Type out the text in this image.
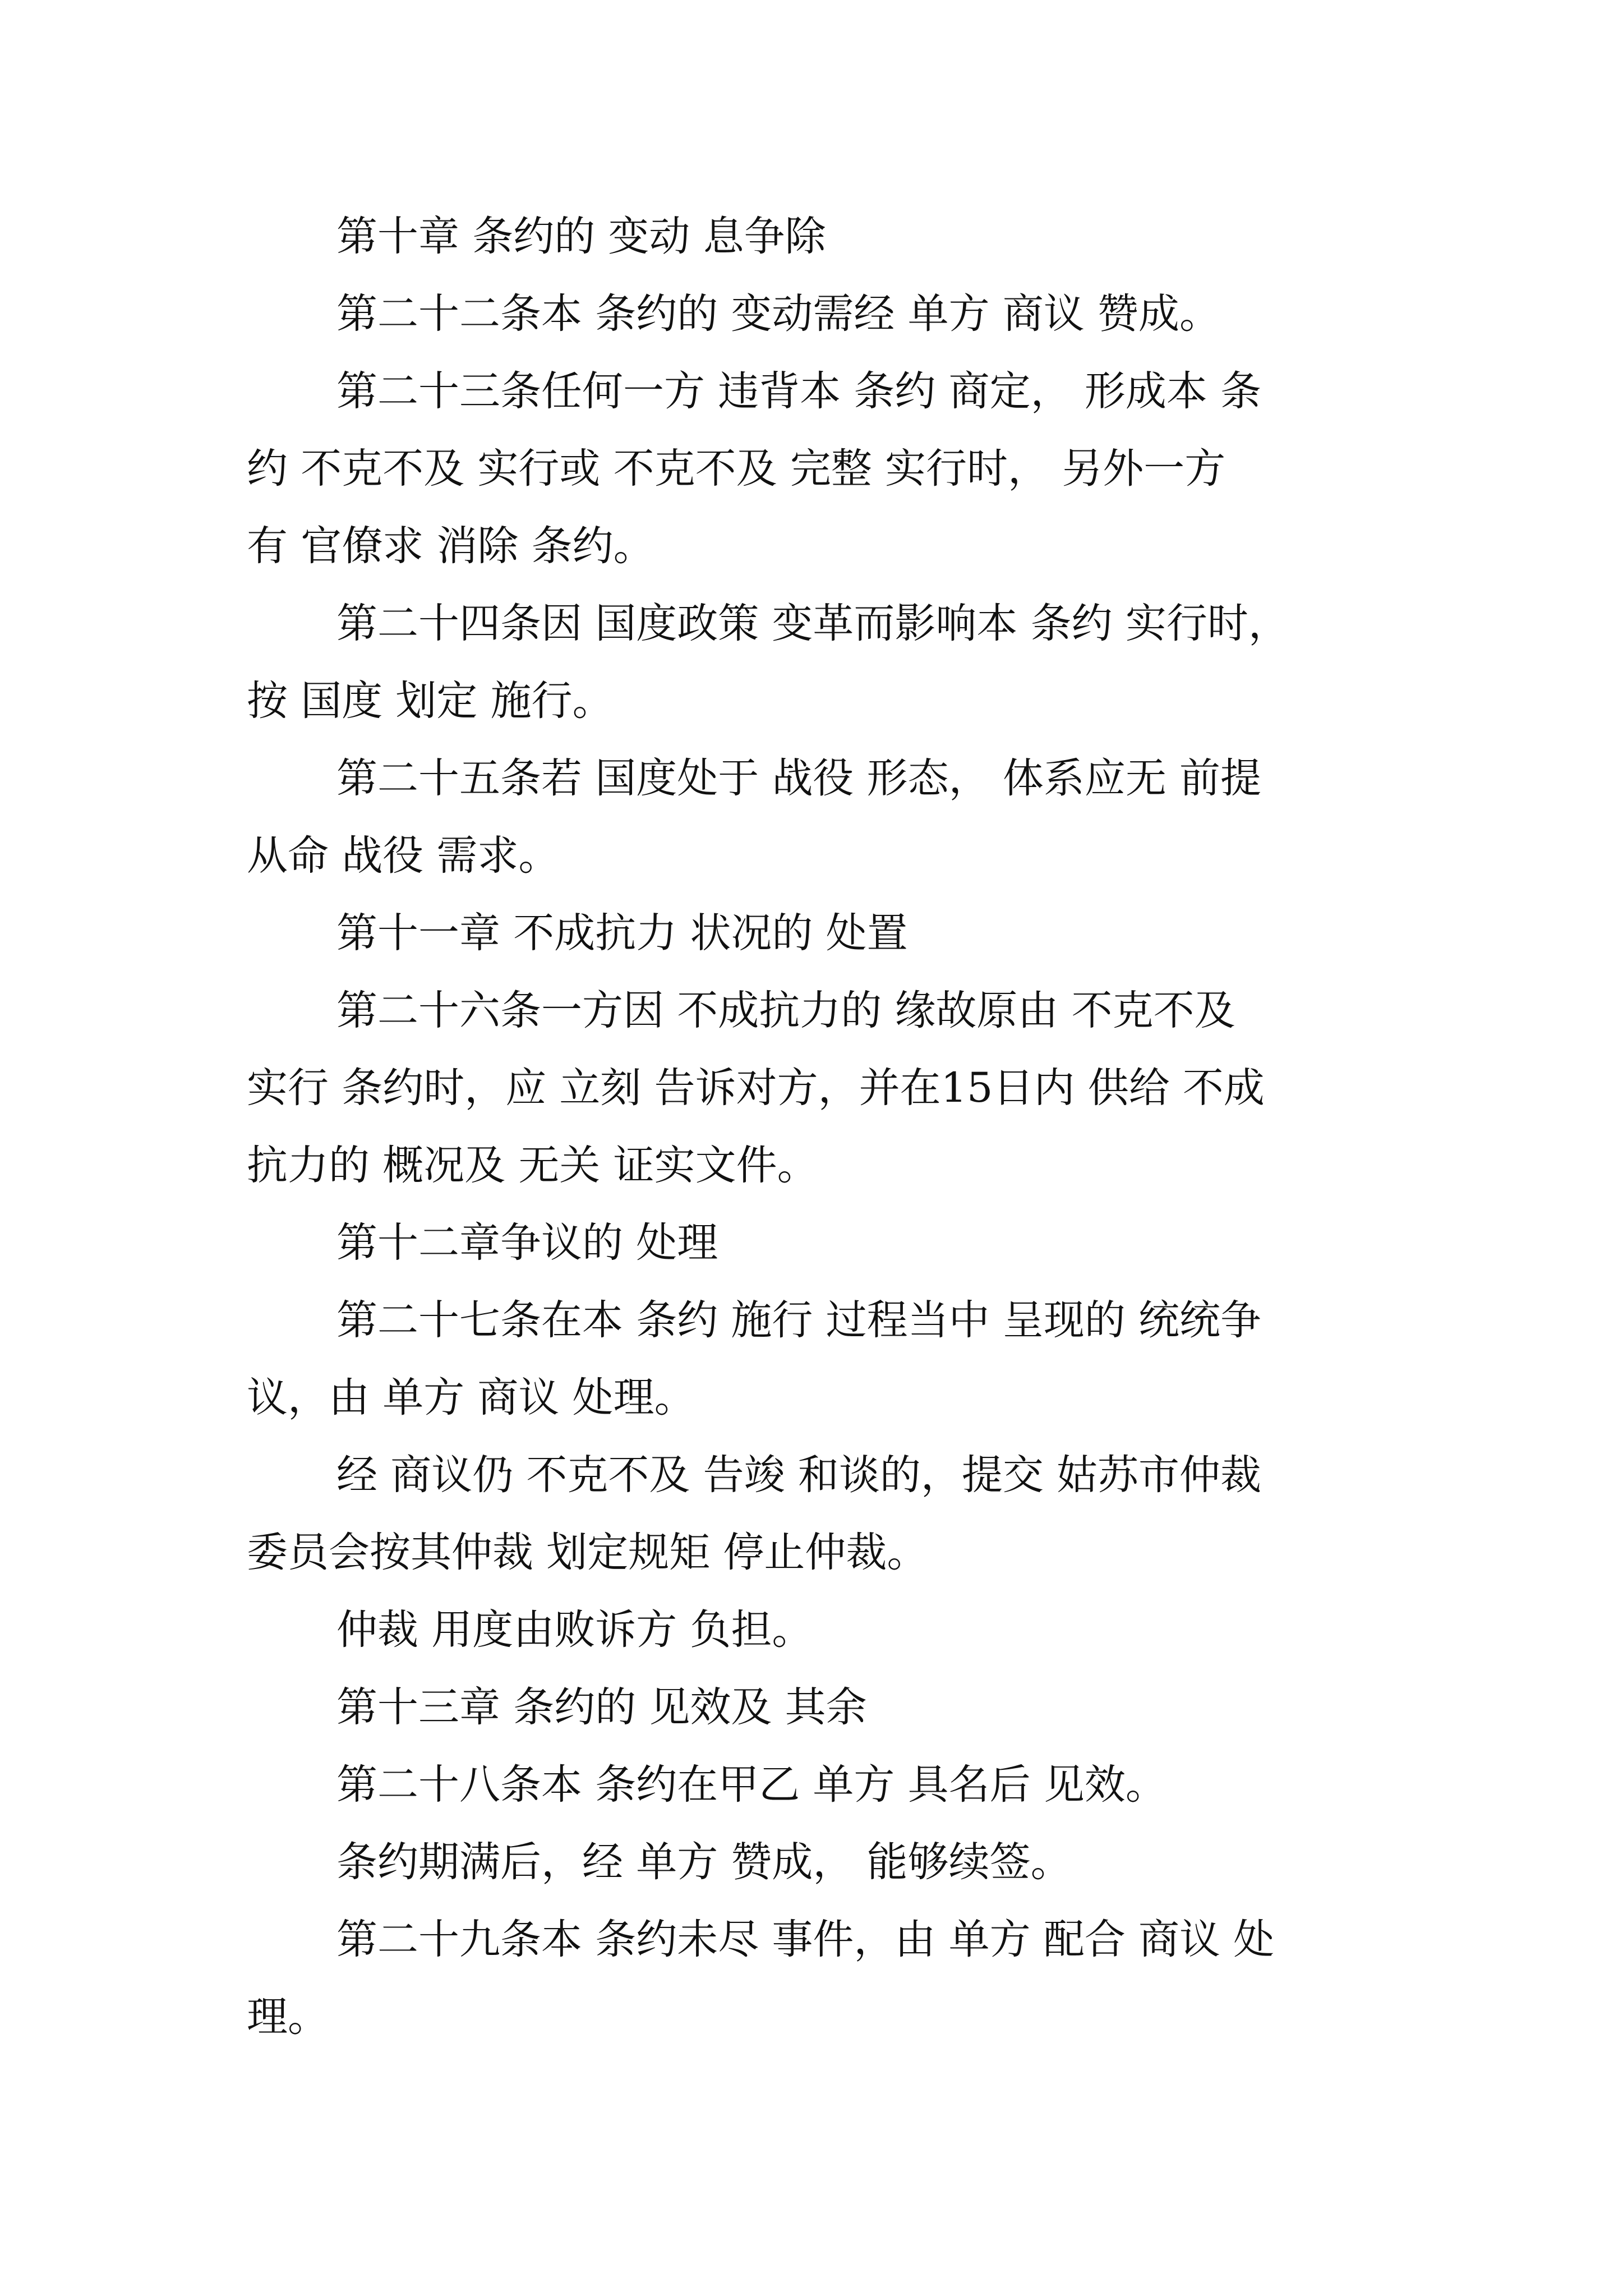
第十章 条约的 变动 息争除
第二十二条本 条约的 变动需经 单方 商议 赞成。
第二十三条任何一方 违背本 条约 商定， 形成本 条
约 不克不及 实行或 不克不及 完整 实行时， 另外一方
有 官僚求 消除 条约。
第二十四条因 国度政策 变革而影响本 条约 实行时，
按 国度 划定 施行。
第二十五条若 国度处于 战役 形态， 体系应无 前提
从命 战役 需求。
第十一章 不成抗力 状况的 处置
第二十六条一方因 不成抗力的 缘故原由 不克不及
实行 条约时，应 立刻 告诉对方，并在15日内 供给 不成
抗力的 概况及 无关 证实文件。
第十二章争议的 处理
第二十七条在本 条约 施行 过程当中 呈现的 统统争
议，由 单方 商议 处理。
经 商议仍 不克不及 告竣 和谈的，提交 姑苏市仲裁
委员会按其仲裁 划定规矩 停止仲裁。
仲裁 用度由败诉方 负担。
第十三章 条约的 见效及 其余
第二十八条本 条约在甲乙 单方 具名后 见效。
条约期满后，经 单方 赞成， 能够续签。
第二十九条本 条约未尽 事件，由 单方 配合 商议 处
理。
